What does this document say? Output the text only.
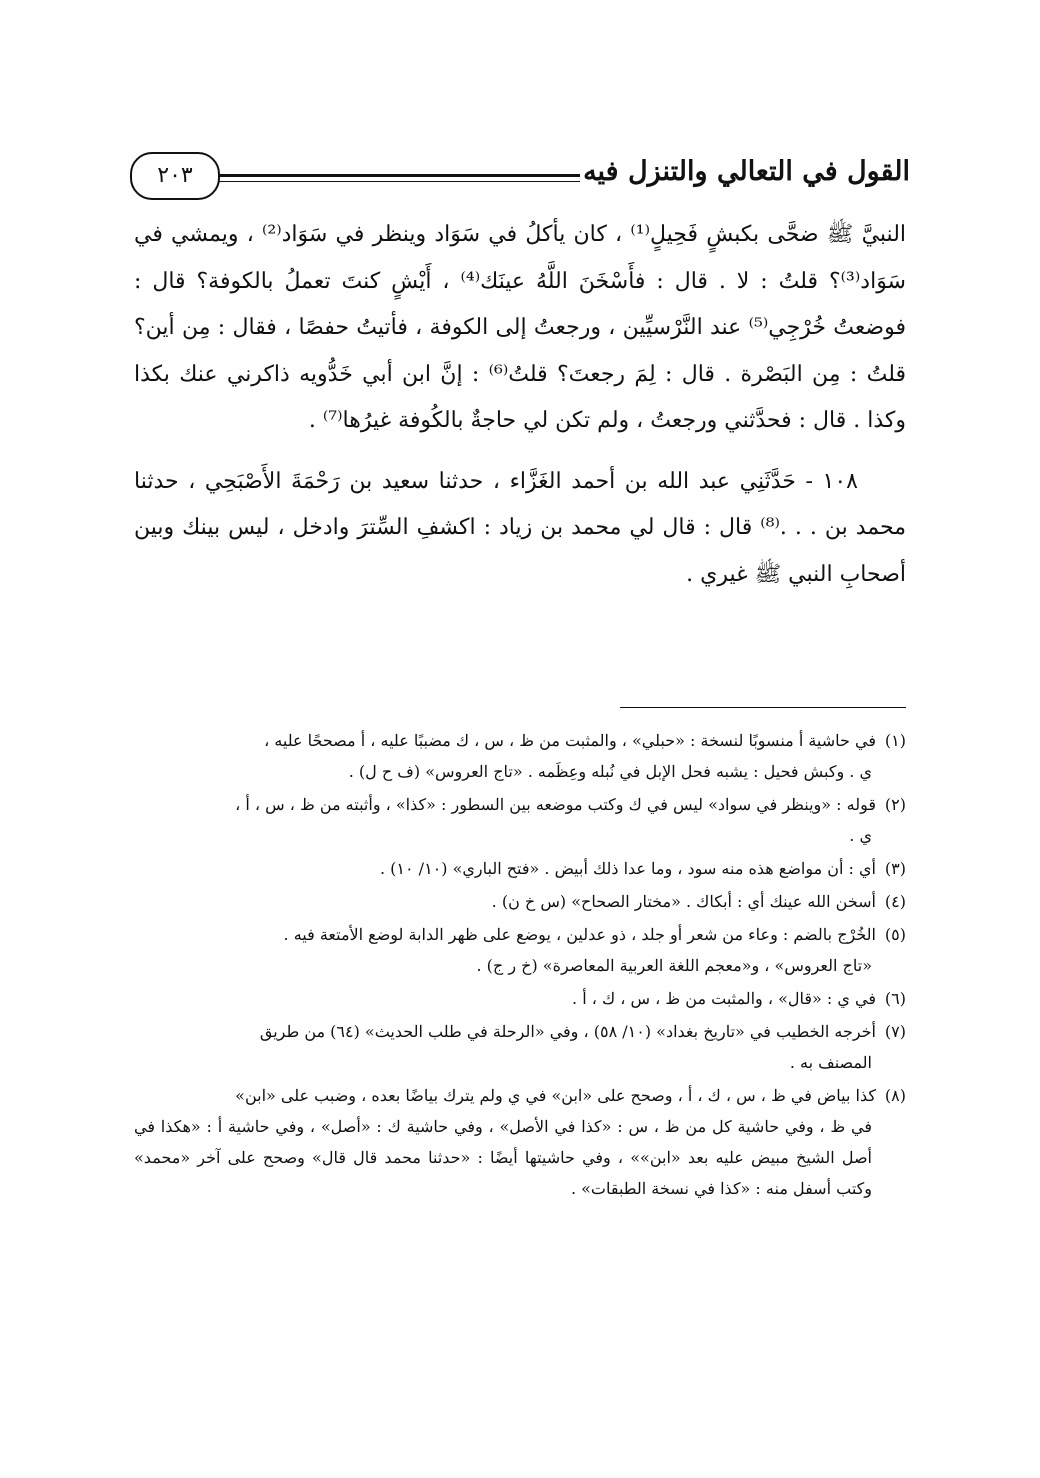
القول في التعالي والتنزل فيه
٢٠٣

النبيَّ ﷺ ضحَّى بكبشٍ فَحِيلٍ⁽¹⁾ ، كان يأكلُ في سَوَاد وينظر في سَوَاد⁽²⁾ ، ويمشي في سَوَاد⁽³⁾؟ قلتُ : لا . قال : فأَسْخَنَ اللَّهُ عينَك⁽⁴⁾ ، أَيْشٍ كنتَ تعملُ بالكوفة؟ قال : فوضعتُ خُرْجِي⁽⁵⁾ عند النَّرْسيِّين ، ورجعتُ إلى الكوفة ، فأتيتُ حفصًا ، فقال : مِن أين؟ قلتُ : مِن البَصْرة . قال : لِمَ رجعتَ؟ قلتُ⁽⁶⁾ : إنَّ ابن أبي خَدُّويه ذاكرني عنك بكذا وكذا . قال : فحدَّثني ورجعتُ ، ولم تكن لي حاجةٌ بالكُوفة غيرُها⁽⁷⁾ .

١٠٨ - حَدَّثَنِي عبد الله بن أحمد الغَزَّاء ، حدثنا سعيد بن رَحْمَةَ الأَصْبَحِي ، حدثنا محمد بن . . .⁽⁸⁾ قال : قال لي محمد بن زياد : اكشفِ السِّترَ وادخل ، ليس بينك وبين أصحابِ النبي ﷺ غيري .

(١)في حاشية أ منسوبًا لنسخة : «حبلي» ، والمثبت من ظ ، س ، ك مضببًا عليه ، أ مصححًا عليه ،
ي . وكبش فحيل : يشبه فحل الإبل في نُبله وعِظَمه . «تاج العروس» (ف ح ل) .
(٢)قوله : «وينظر في سواد» ليس في ك وكتب موضعه بين السطور : «كذا» ، وأثبته من ظ ، س ، أ ،
ي .
(٣)أي : أن مواضع هذه منه سود ، وما عدا ذلك أبيض . «فتح الباري» (١٠/ ١٠) .
(٤)أسخن الله عينك أي : أبكاك . «مختار الصحاح» (س خ ن) .
(٥)الخُرْج بالضم : وعاء من شعر أو جلد ، ذو عدلين ، يوضع على ظهر الدابة لوضع الأمتعة فيه .
«تاج العروس» ، و«معجم اللغة العربية المعاصرة» (خ ر ج) .
(٦)في ي : «قال» ، والمثبت من ظ ، س ، ك ، أ .
(٧)أخرجه الخطيب في «تاريخ بغداد» (١٠/ ٥٨) ، وفي «الرحلة في طلب الحديث» (٦٤) من طريق
المصنف به .
(٨)كذا بياض في ظ ، س ، ك ، أ ، وصحح على «ابن» في ي ولم يترك بياضًا بعده ، وضبب على «ابن»
في ظ ، وفي حاشية كل من ظ ، س : «كذا في الأصل» ، وفي حاشية ك : «أصل» ، وفي حاشية أ : «هكذا في أصل الشيخ مبيض عليه بعد «ابن»» ، وفي حاشيتها أيضًا : «حدثنا محمد قال قال» وصحح على آخر «محمد» وكتب أسفل منه : «كذا في نسخة الطبقات» .
